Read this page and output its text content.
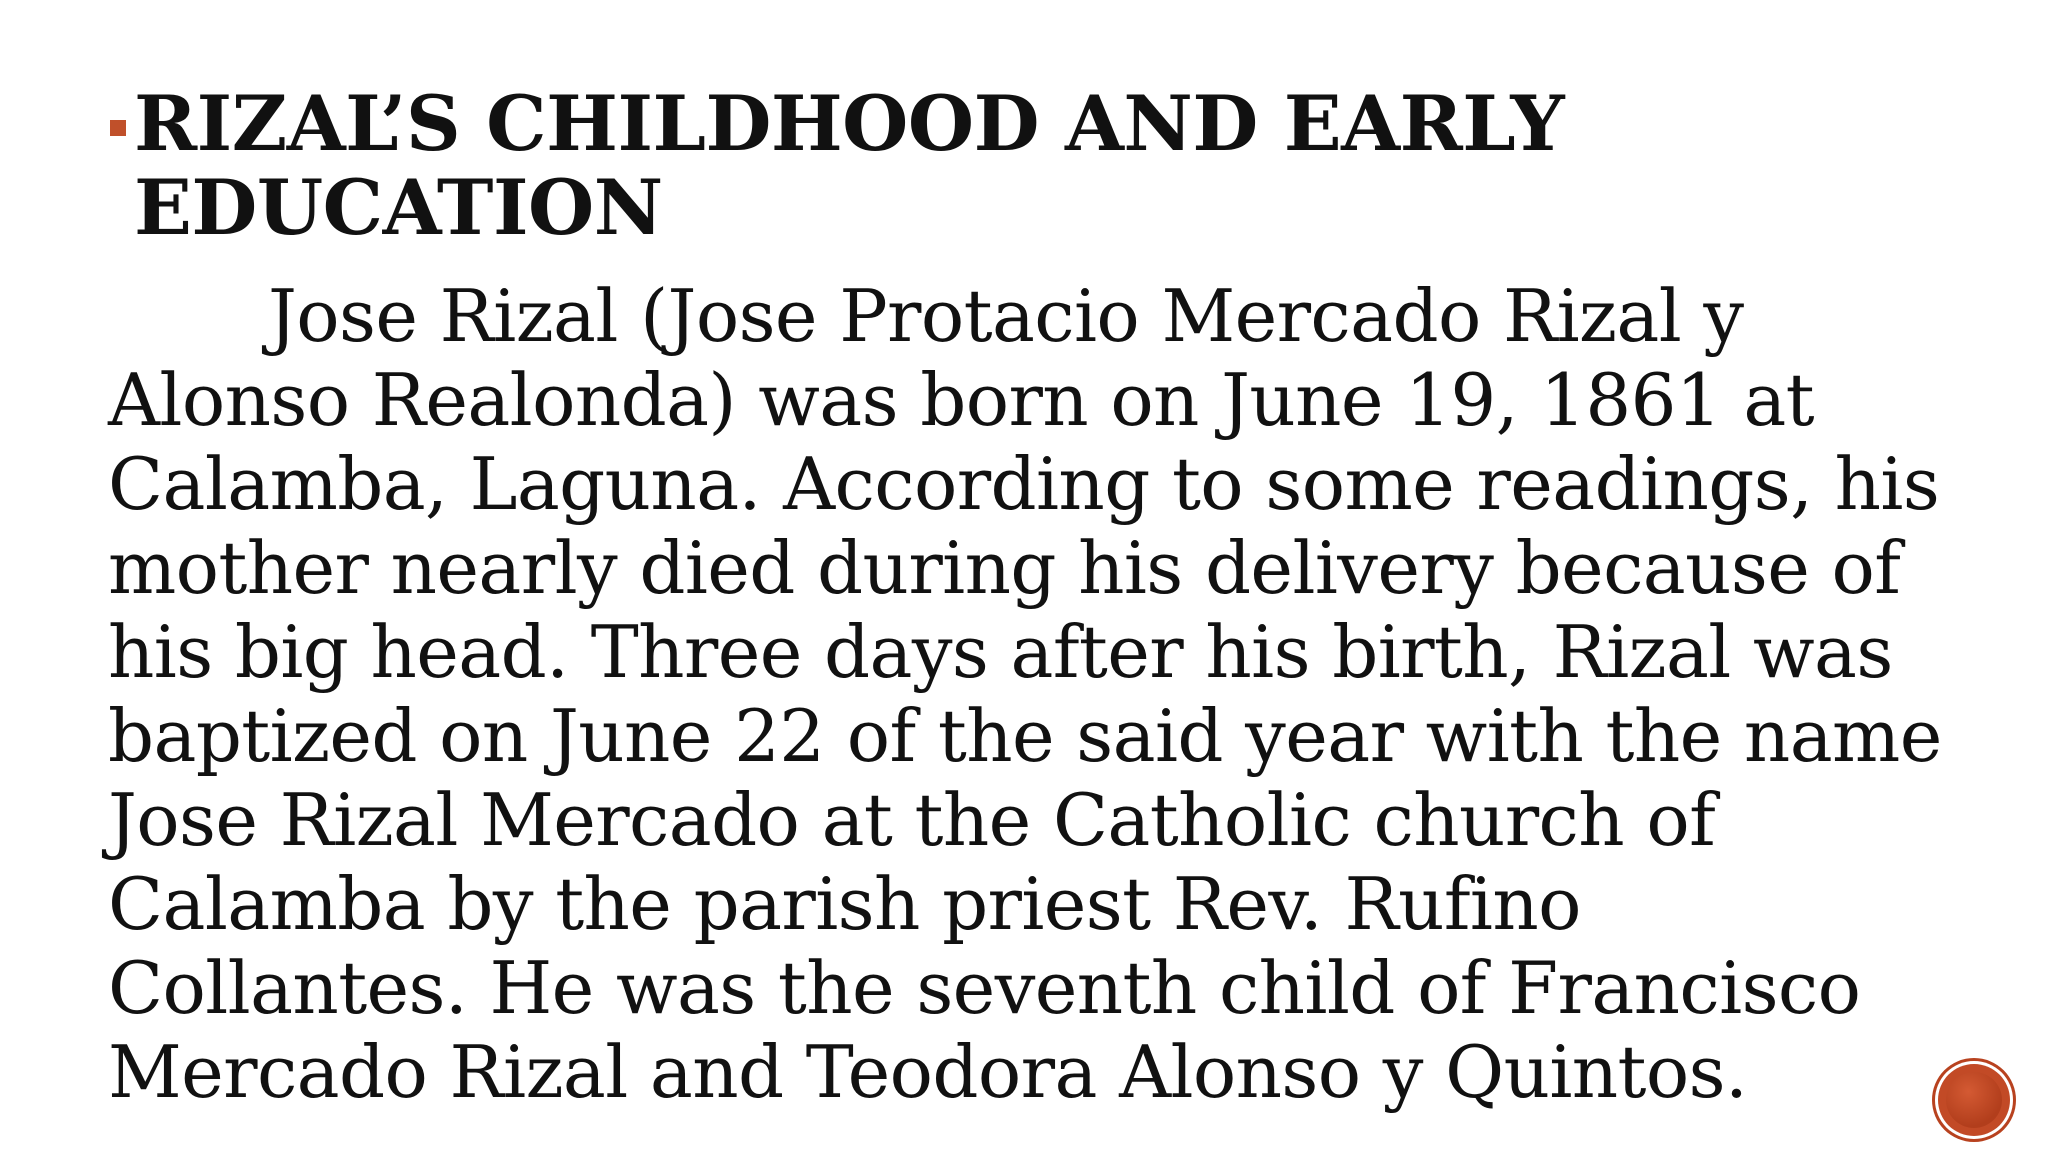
RIZAL’S CHILDHOOD AND EARLY
EDUCATION

Jose Rizal (Jose Protacio Mercado Rizal y
Alonso Realonda) was born on June 19, 1861 at
Calamba, Laguna. According to some readings, his
mother nearly died during his delivery because of
his big head. Three days after his birth, Rizal was
baptized on June 22 of the said year with the name
Jose Rizal Mercado at the Catholic church of
Calamba by the parish priest Rev. Rufino
Collantes. He was the seventh child of Francisco
Mercado Rizal and Teodora Alonso y Quintos.
